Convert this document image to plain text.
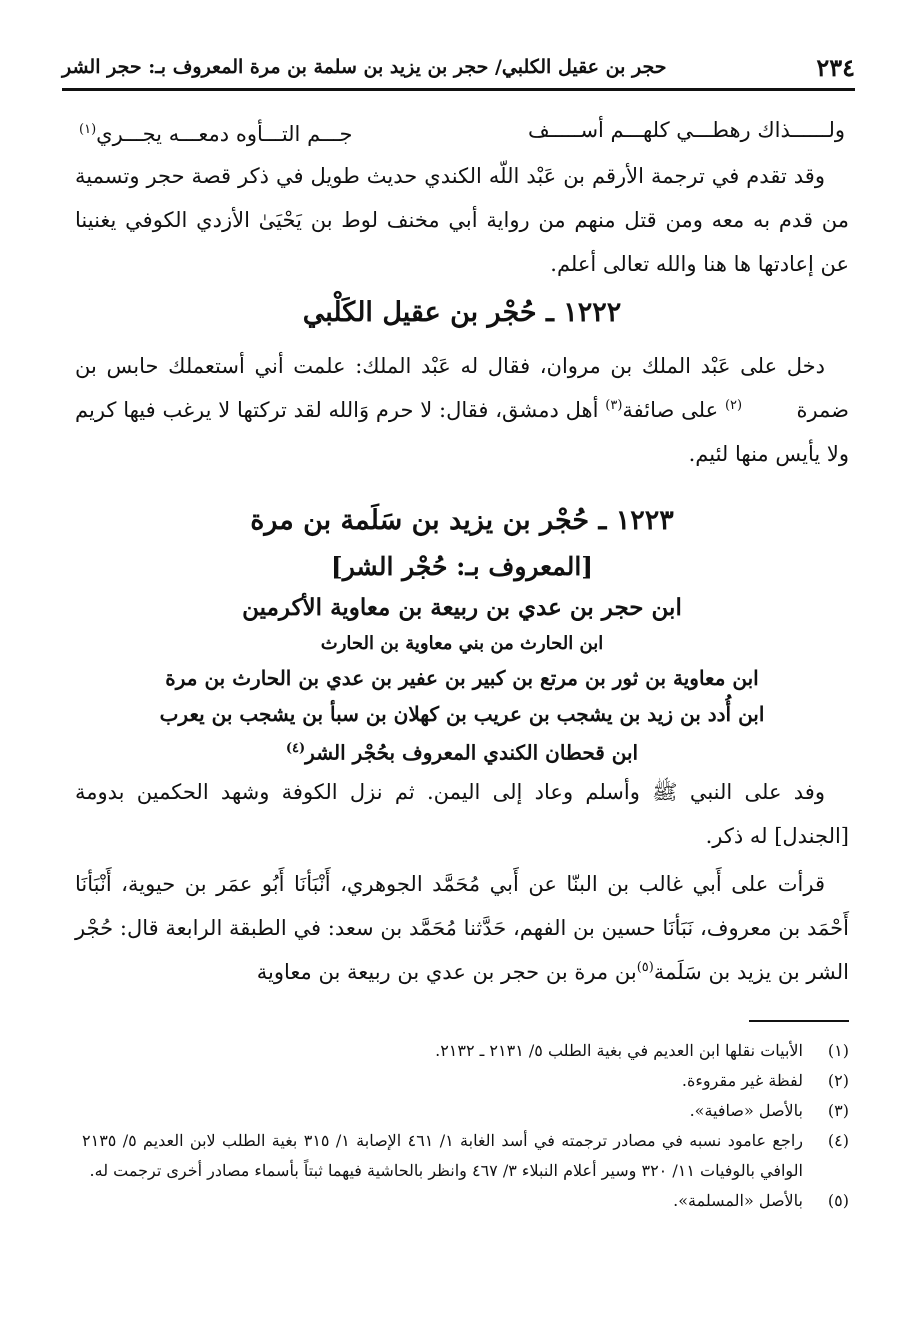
٢٣٤
حجر بن عقيل الكلبي/ حجر بن يزيد بن سلمة بن مرة المعروف بـ: حجر الشر
ولــــــذاك رهطـــي كلهـــم أســـــف
جـــم التـــأوه دمعـــه يجـــري$^{(١)}$

وقد تقدم في ترجمة الأرقم بن عَبْد اللّه الكندي حديث طويل في ذكر قصة حجر وتسمية من قدم به معه ومن قتل منهم من رواية أبي مخنف لوط بن يَحْيَىٰ الأزدي الكوفي يغنينا عن إعادتها ها هنا والله تعالى أعلم.

١٢٢٢ ـ حُجْر بن عقيل الكَلْبي

دخل على عَبْد الملك بن مروان، فقال له عَبْد الملك: علمت أني أستعملك حابس بن ضمرة        $^{(٢)}$ على صائفة$^{(٣)}$ أهل دمشق، فقال: لا حرم وَالله لقد تركتها لا يرغب فيها كريم ولا يأيس منها لئيم.

١٢٢٣ ـ حُجْر بن يزيد بن سَلَمة بن مرة
[المعروف بـ: حُجْر الشر]
ابن حجر بن عدي بن ربيعة بن معاوية الأكرمين
ابن الحارث من بني معاوية بن الحارث
ابن معاوية بن ثور بن مرتع بن كبير بن عفير بن عدي بن الحارث بن مرة
ابن أُدد بن زيد بن يشجب بن عريب بن كهلان بن سبأ بن يشجب بن يعرب
ابن قحطان الكندي المعروف بحُجْر الشر$^{(٤)}$

وفد على النبي ﷺ وأسلم وعاد إلى اليمن. ثم نزل الكوفة وشهد الحكمين بدومة [الجندل] له ذكر.

قرأت على أَبي غالب بن البنّا عن أَبي مُحَمَّد الجوهري، أَنْبَأنَا أَبُو عمَر بن حيوية، أَنْبَأنَا أَحْمَد بن معروف، نَبَأنَا حسين بن الفهم، حَدَّثنا مُحَمَّد بن سعد: في الطبقة الرابعة قال: حُجْر الشر بن يزيد بن سَلَمة$^{(٥)}$بن مرة بن حجر بن عدي بن ربيعة بن معاوية

(١)
الأبيات نقلها ابن العديم في بغية الطلب ٥/ ٢١٣١ ـ ٢١٣٢.
(٢)
لفظة غير مقروءة.
(٣)
بالأصل «صافية».
(٤)
راجع عامود نسبه في مصادر ترجمته في أسد الغابة ١/ ٤٦١ الإصابة ١/ ٣١٥ بغية الطلب لابن العديم ٥/ ٢١٣٥ الوافي بالوفيات ١١/ ٣٢٠ وسير أعلام النبلاء ٣/ ٤٦٧ وانظر بالحاشية فيهما ثبتاً بأسماء مصادر أخرى ترجمت له.
(٥)
بالأصل «المسلمة».
